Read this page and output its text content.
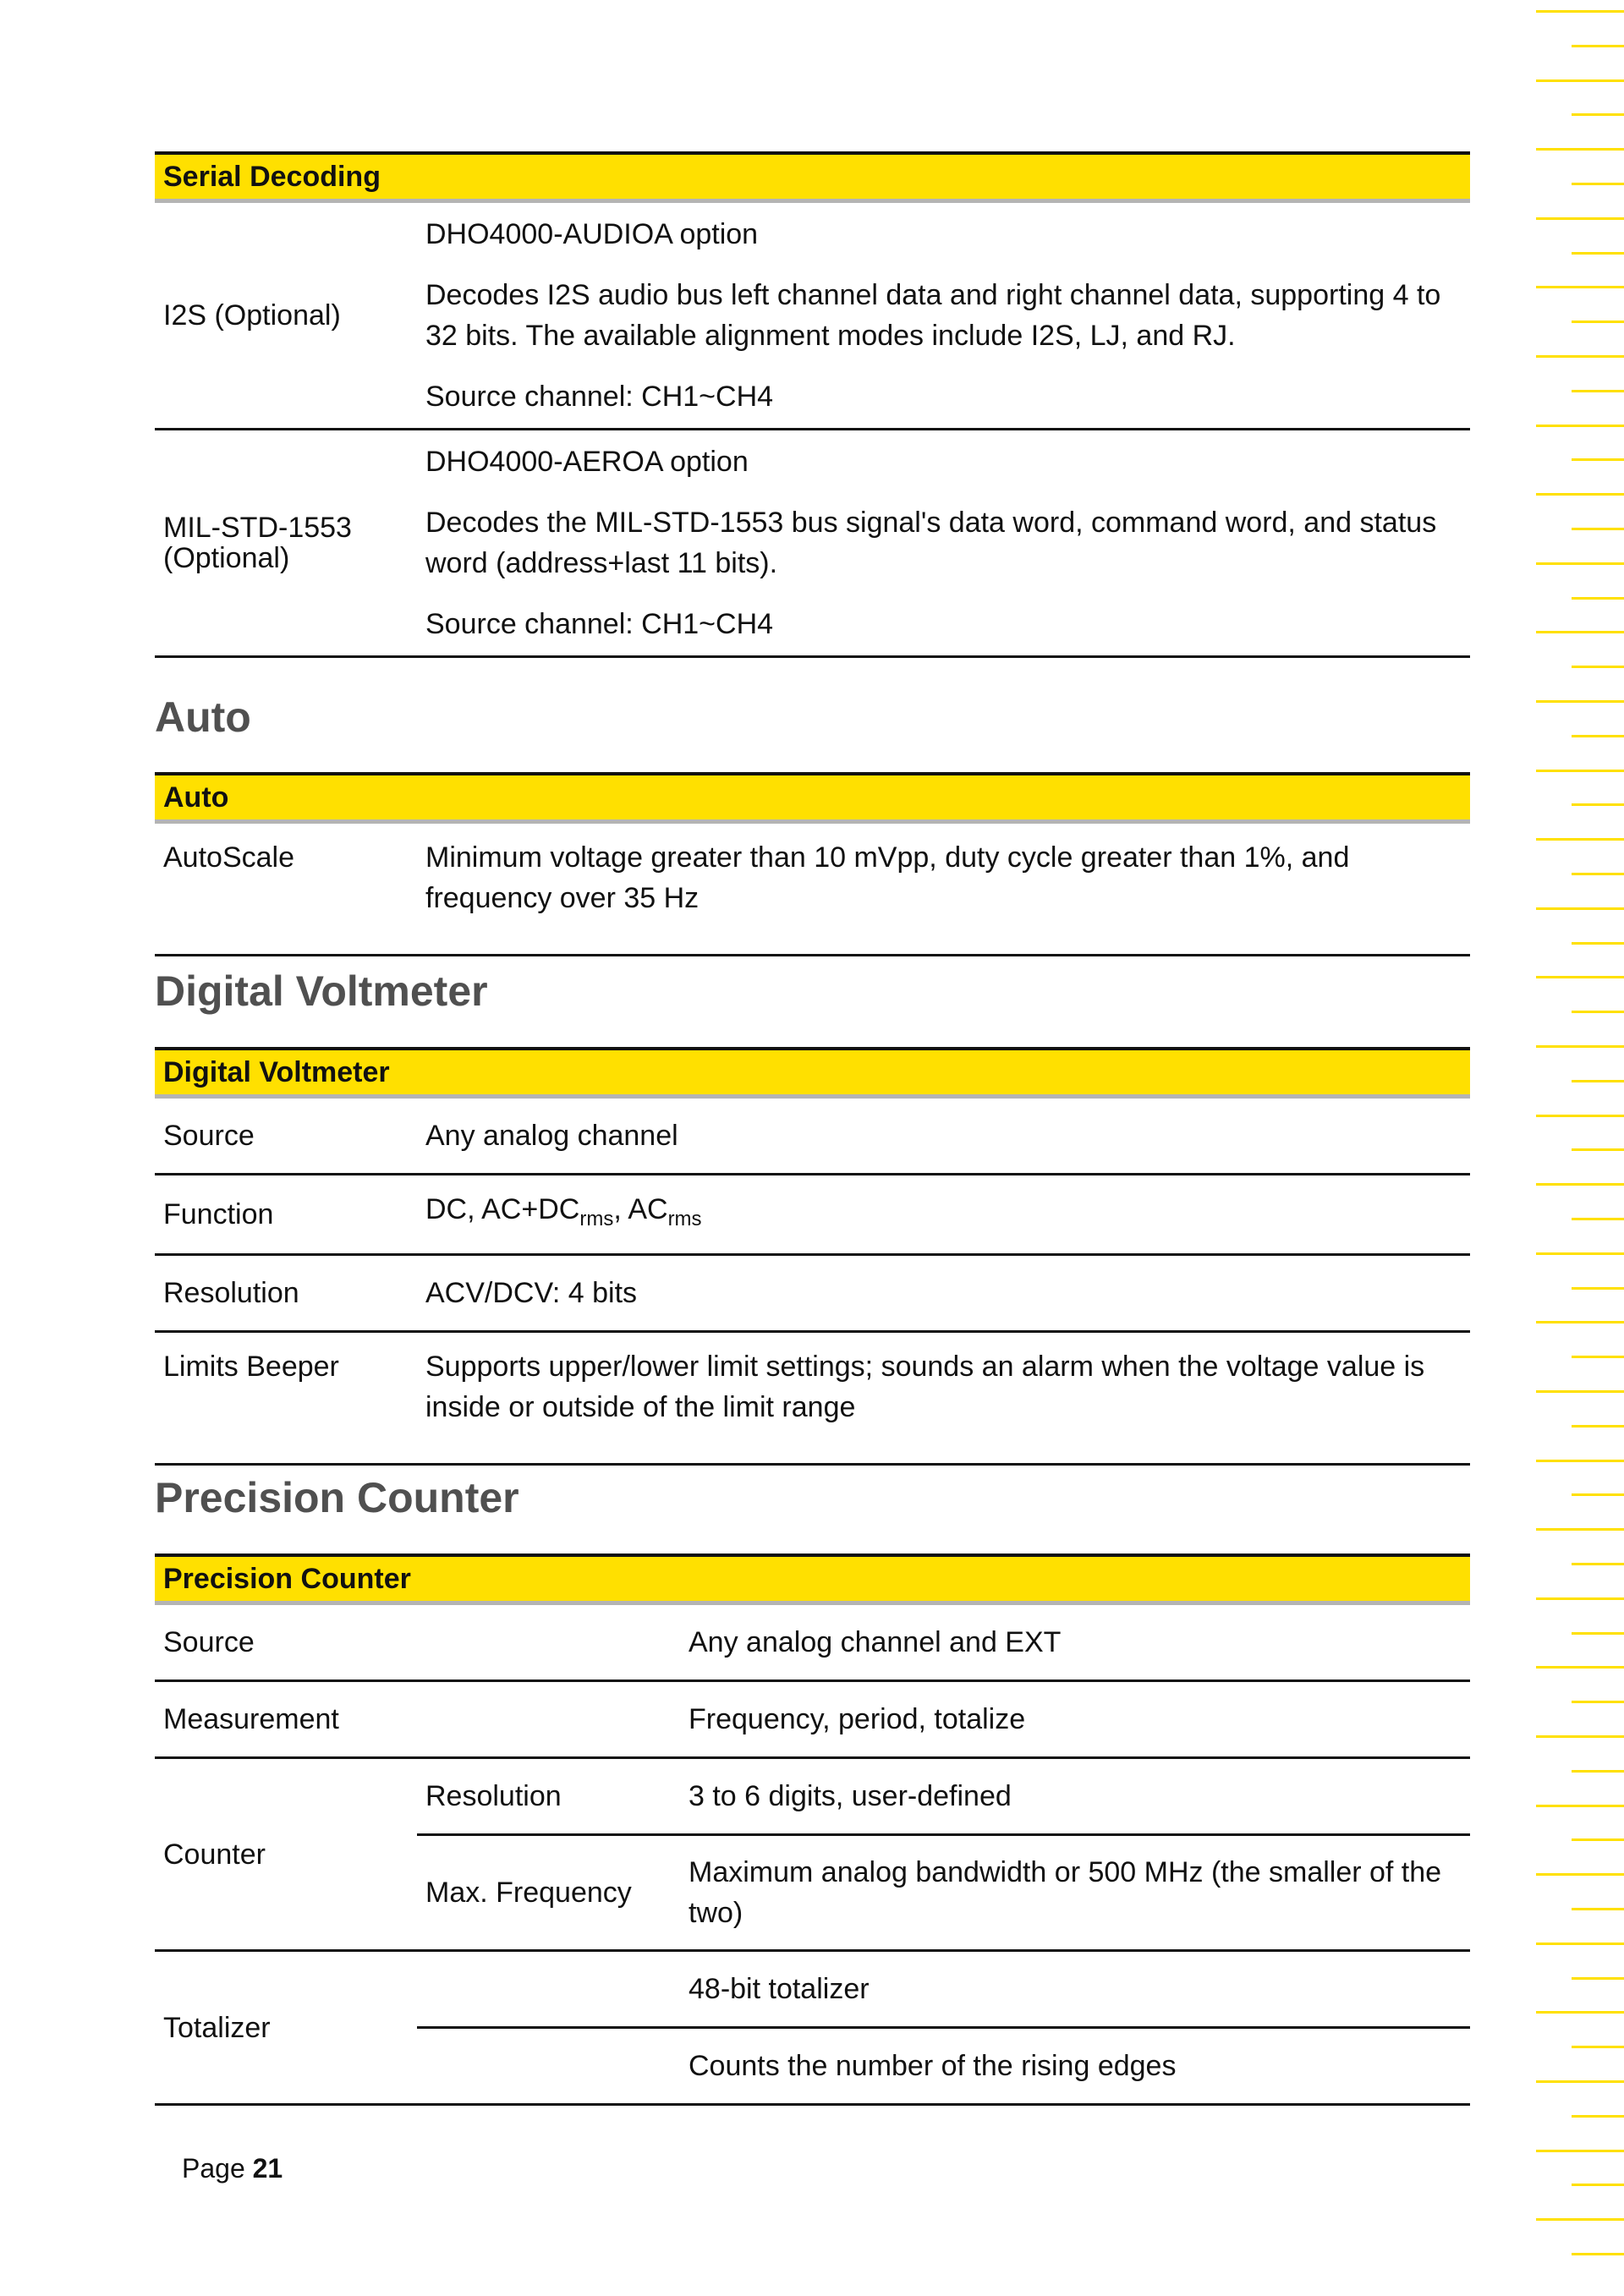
Serial Decoding	
I2S (Optional)	DHO4000-AUDIOA option

Decodes I2S audio bus left channel data and right channel data, supporting 4 to 32 bits. The available alignment modes include I2S, LJ, and RJ.

Source channel: CH1~CH4

MIL-STD-1553 (Optional)	DHO4000-AEROA option

Decodes the MIL-STD-1553 bus signal's data word, command word, and status word (address+last 11 bits).

Source channel: CH1~CH4

Auto
Auto
AutoScale	Minimum voltage greater than 10 mVpp, duty cycle greater than 1%, and frequency over 35 Hz
Digital Voltmeter
Digital Voltmeter	
Source	Any analog channel
Function	DC, $AC+DC_{rms}$, $AC_{rms}$
Resolution	ACV/DCV: 4 bits
Limits Beeper	Supports upper/lower limit settings; sounds an alarm when the voltage value is inside or outside of the limit range
Precision Counter
Precision Counter		
Source		Any analog channel and EXT
Measurement		Frequency, period, totalize
Counter	Resolution	3 to 6 digits, user-defined
	Max. Frequency	Maximum analog bandwidth or 500 MHz (the smaller of the two)
Totalizer		48-bit totalizer
		Counts the number of the rising edges
Page 21
